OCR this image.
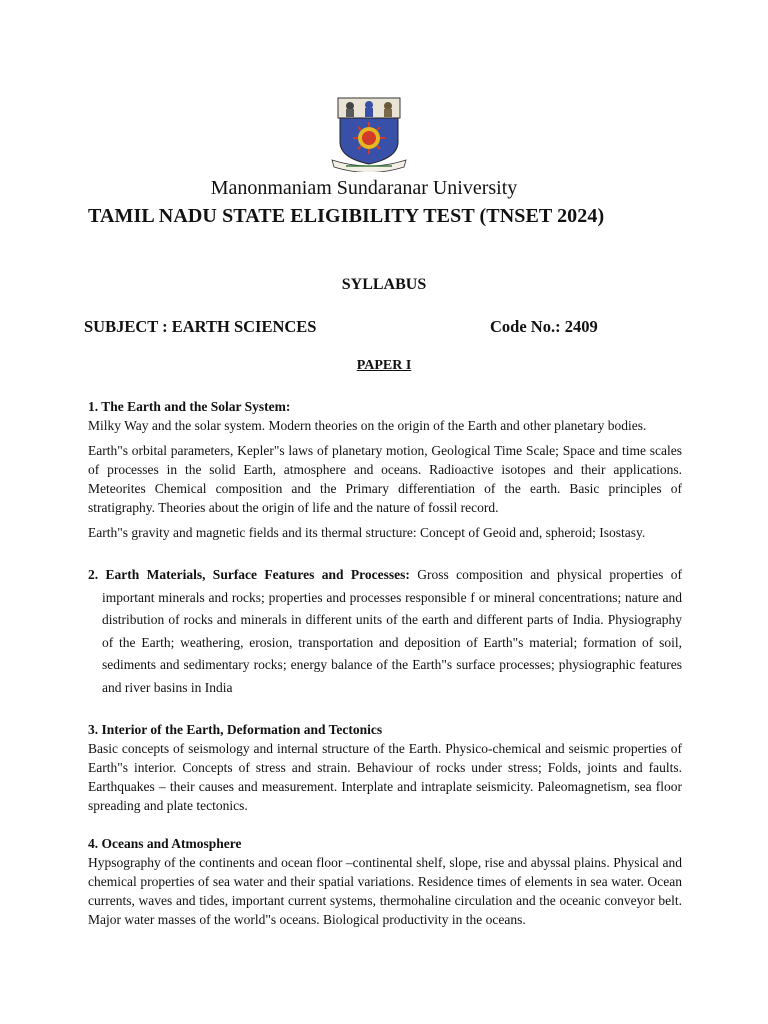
Manonmaniam Sundaranar University
TAMIL NADU STATE ELIGIBILITY TEST (TNSET 2024)
SYLLABUS
SUBJECT : EARTH SCIENCES	Code No.: 2409
PAPER I

1. The Earth and the Solar System:

Milky Way and the solar system. Modern theories on the origin of the Earth and other planetary bodies.

Earth"s orbital parameters, Kepler"s laws of planetary motion, Geological Time Scale; Space and time scales of processes in the solid Earth, atmosphere and oceans. Radioactive isotopes and their applications. Meteorites Chemical composition and the Primary differentiation of the earth. Basic principles of stratigraphy. Theories about the origin of life and the nature of fossil record.

Earth"s gravity and magnetic fields and its thermal structure: Concept of Geoid and, spheroid; Isostasy.

2. Earth Materials, Surface Features and Processes: Gross composition and physical properties of important minerals and rocks; properties and processes responsible f or mineral concentrations; nature and distribution of rocks and minerals in different units of the earth and different parts of India. Physiography of the Earth; weathering, erosion, transportation and deposition of Earth"s material; formation of soil, sediments and sedimentary rocks; energy balance of the Earth"s surface processes; physiographic features and river basins in India

3. Interior of the Earth, Deformation and Tectonics

Basic concepts of seismology and internal structure of the Earth. Physico-chemical and seismic properties of Earth"s interior. Concepts of stress and strain. Behaviour of rocks under stress; Folds, joints and faults. Earthquakes – their causes and measurement. Interplate and intraplate seismicity. Paleomagnetism, sea floor spreading and plate tectonics.

4. Oceans and Atmosphere

Hypsography of the continents and ocean floor –continental shelf, slope, rise and abyssal plains. Physical and chemical properties of sea water and their spatial variations. Residence times of elements in sea water. Ocean currents, waves and tides, important current systems, thermohaline circulation and the oceanic conveyor belt. Major water masses of the world"s oceans. Biological productivity in the oceans.
